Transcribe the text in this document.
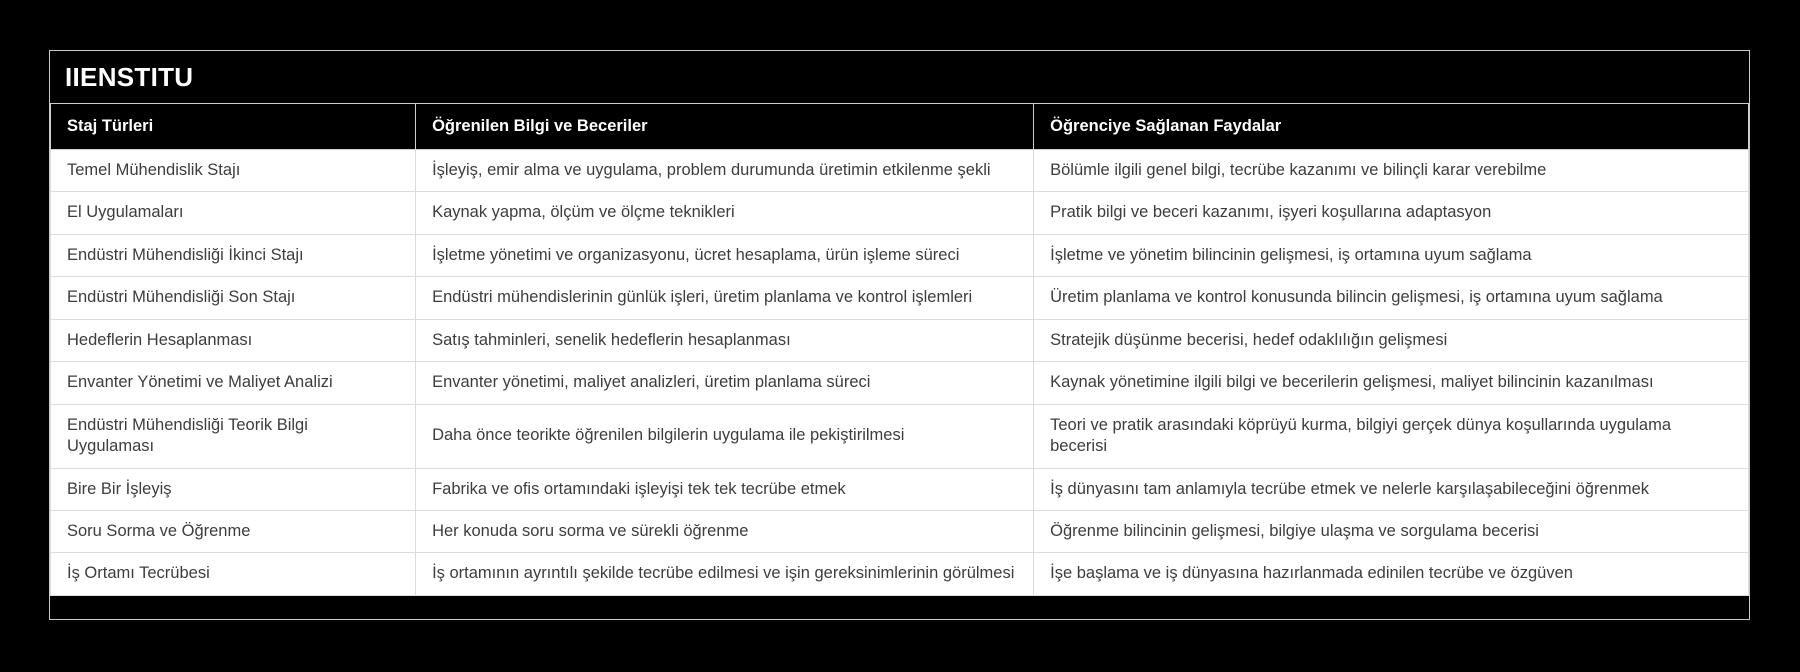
IIENSTITU
Staj Türleri	Öğrenilen Bilgi ve Beceriler	Öğrenciye Sağlanan Faydalar
Temel Mühendislik Stajı	İşleyiş, emir alma ve uygulama, problem durumunda üretimin etkilenme şekli	Bölümle ilgili genel bilgi, tecrübe kazanımı ve bilinçli karar verebilme
El Uygulamaları	Kaynak yapma, ölçüm ve ölçme teknikleri	Pratik bilgi ve beceri kazanımı, işyeri koşullarına adaptasyon
Endüstri Mühendisliği İkinci Stajı	İşletme yönetimi ve organizasyonu, ücret hesaplama, ürün işleme süreci	İşletme ve yönetim bilincinin gelişmesi, iş ortamına uyum sağlama
Endüstri Mühendisliği Son Stajı	Endüstri mühendislerinin günlük işleri, üretim planlama ve kontrol işlemleri	Üretim planlama ve kontrol konusunda bilincin gelişmesi, iş ortamına uyum sağlama
Hedeflerin Hesaplanması	Satış tahminleri, senelik hedeflerin hesaplanması	Stratejik düşünme becerisi, hedef odaklılığın gelişmesi
Envanter Yönetimi ve Maliyet Analizi	Envanter yönetimi, maliyet analizleri, üretim planlama süreci	Kaynak yönetimine ilgili bilgi ve becerilerin gelişmesi, maliyet bilincinin kazanılması
Endüstri Mühendisliği Teorik Bilgi Uygulaması	Daha önce teorikte öğrenilen bilgilerin uygulama ile pekiştirilmesi	Teori ve pratik arasındaki köprüyü kurma, bilgiyi gerçek dünya koşullarında uygulama becerisi
Bire Bir İşleyiş	Fabrika ve ofis ortamındaki işleyişi tek tek tecrübe etmek	İş dünyasını tam anlamıyla tecrübe etmek ve nelerle karşılaşabileceğini öğrenmek
Soru Sorma ve Öğrenme	Her konuda soru sorma ve sürekli öğrenme	Öğrenme bilincinin gelişmesi, bilgiye ulaşma ve sorgulama becerisi
İş Ortamı Tecrübesi	İş ortamının ayrıntılı şekilde tecrübe edilmesi ve işin gereksinimlerinin görülmesi	İşe başlama ve iş dünyasına hazırlanmada edinilen tecrübe ve özgüven
